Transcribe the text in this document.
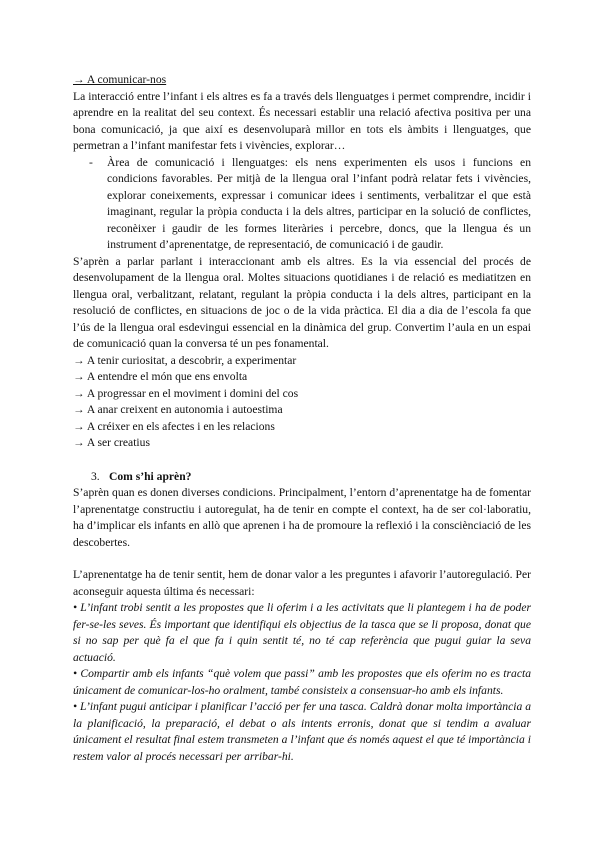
→ A comunicar-nos

La interacció entre l’infant i els altres es fa a través dels llenguatges i permet comprendre, incidir i aprendre en la realitat del seu context. És necessari establir una relació afectiva positiva per una bona comunicació, ja que així es desenvoluparà millor en tots els àmbits i llenguatges, que permetran a l’infant manifestar fets i vivències, explorar…

- Àrea de comunicació i llenguatges: els nens experimenten els usos i funcions en condicions favorables. Per mitjà de la llengua oral l’infant podrà relatar fets i vivències, explorar coneixements, expressar i comunicar idees i sentiments, verbalitzar el que està imaginant, regular la pròpia conducta i la dels altres, participar en la solució de conflictes, reconèixer i gaudir de les formes literàries i percebre, doncs, que la llengua és un instrument d’aprenentatge, de representació, de comunicació i de gaudir.

S’aprèn a parlar parlant i interaccionant amb els altres. Es la via essencial del procés de desenvolupament de la llengua oral. Moltes situacions quotidianes i de relació es mediatitzen en llengua oral, verbalitzant, relatant, regulant la pròpia conducta i la dels altres, participant en la resolució de conflictes, en situacions de joc o de la vida pràctica. El dia a dia de l’escola fa que l’ús de la llengua oral esdevingui essencial en la dinàmica del grup. Convertim l’aula en un espai de comunicació quan la conversa té un pes fonamental.

→ A tenir curiositat, a descobrir, a experimentar

→ A entendre el món que ens envolta

→ A progressar en el moviment i domini del cos

→ A anar creixent en autonomia i autoestima

→ A créixer en els afectes i en les relacions

→ A ser creatius

3. Com s’hi aprèn?

S’aprèn quan es donen diverses condicions. Principalment, l’entorn d’aprenentatge ha de fomentar l’aprenentatge constructiu i autoregulat, ha de tenir en compte el context, ha de ser col·laboratiu, ha d’implicar els infants en allò que aprenen i ha de promoure la reflexió i la consciènciació de les descobertes.

L’aprenentatge ha de tenir sentit, hem de donar valor a les preguntes i afavorir l’autoregulació. Per aconseguir aquesta última és necessari:

• L’infant trobi sentit a les propostes que li oferim i a les activitats que li plantegem i ha de poder fer-se-les seves. És important que identifiqui els objectius de la tasca que se li proposa, donat que si no sap per què fa el que fa i quin sentit té, no té cap referència que pugui guiar la seva actuació.

• Compartir amb els infants “què volem que passi” amb les propostes que els oferim no es tracta únicament de comunicar-los-ho oralment, també consisteix a consensuar-ho amb els infants.

• L’infant pugui anticipar i planificar l’acció per fer una tasca. Caldrà donar molta importància a la planificació, la preparació, el debat o als intents erronis, donat que si tendim a avaluar únicament el resultat final estem transmeten a l’infant que és només aquest el que té importància i restem valor al procés necessari per arribar-hi.
